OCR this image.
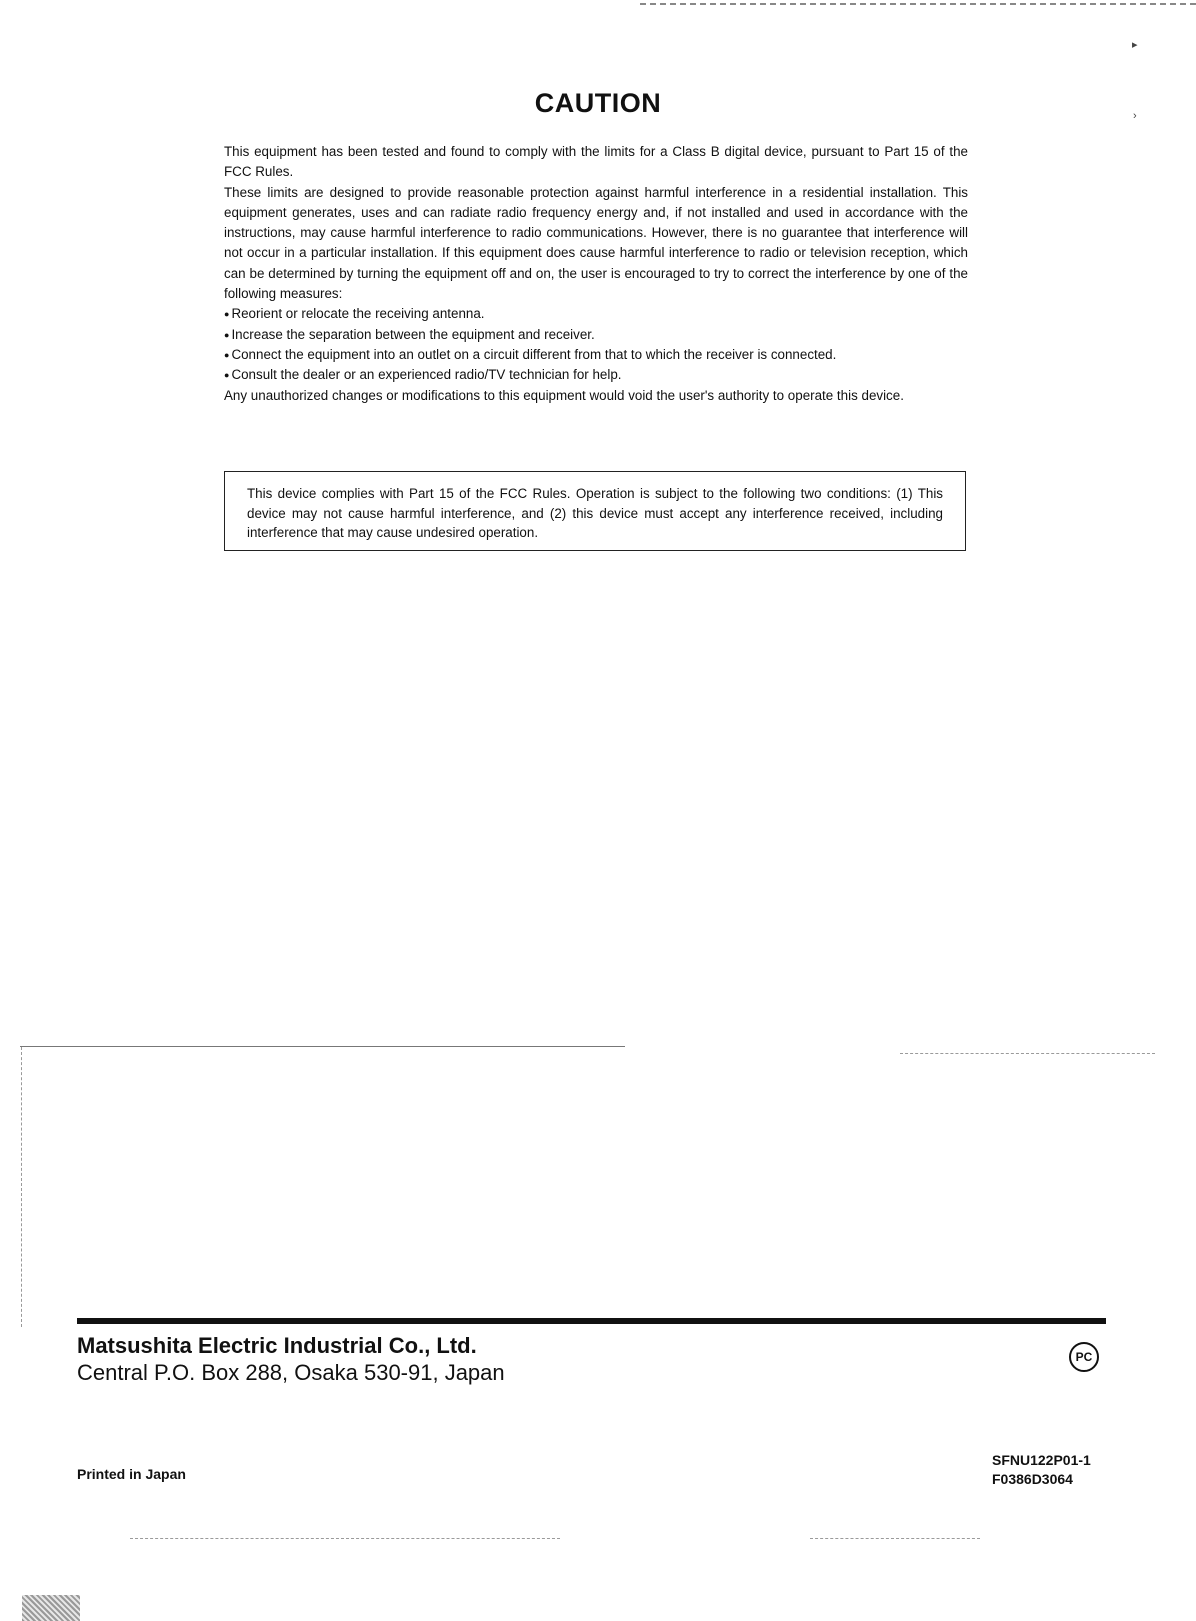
▸
›
CAUTION

This equipment has been tested and found to comply with the limits for a Class B digital device, pursuant to Part 15 of the FCC Rules.

These limits are designed to provide reasonable protection against harmful interference in a residential installation. This equipment generates, uses and can radiate radio frequency energy and, if not installed and used in accordance with the instructions, may cause harmful interference to radio communications. However, there is no guarantee that interference will not occur in a particular installation. If this equipment does cause harmful interference to radio or television reception, which can be determined by turning the equipment off and on, the user is encouraged to try to correct the interference by one of the following measures:

● Reorient or relocate the receiving antenna.
● Increase the separation between the equipment and receiver.
● Connect the equipment into an outlet on a circuit different from that to which the receiver is connected.
● Consult the dealer or an experienced radio/TV technician for help.

Any unauthorized changes or modifications to this equipment would void the user's authority to operate this device.

This device complies with Part 15 of the FCC Rules. Operation is subject to the following two conditions: (1) This device may not cause harmful interference, and (2) this device must accept any interference received, including interference that may cause undesired operation.

Matsushita Electric Industrial Co., Ltd.
Central P.O. Box 288, Osaka 530-91, Japan
PC
Printed in Japan
SFNU122P01-1
F0386D3064
